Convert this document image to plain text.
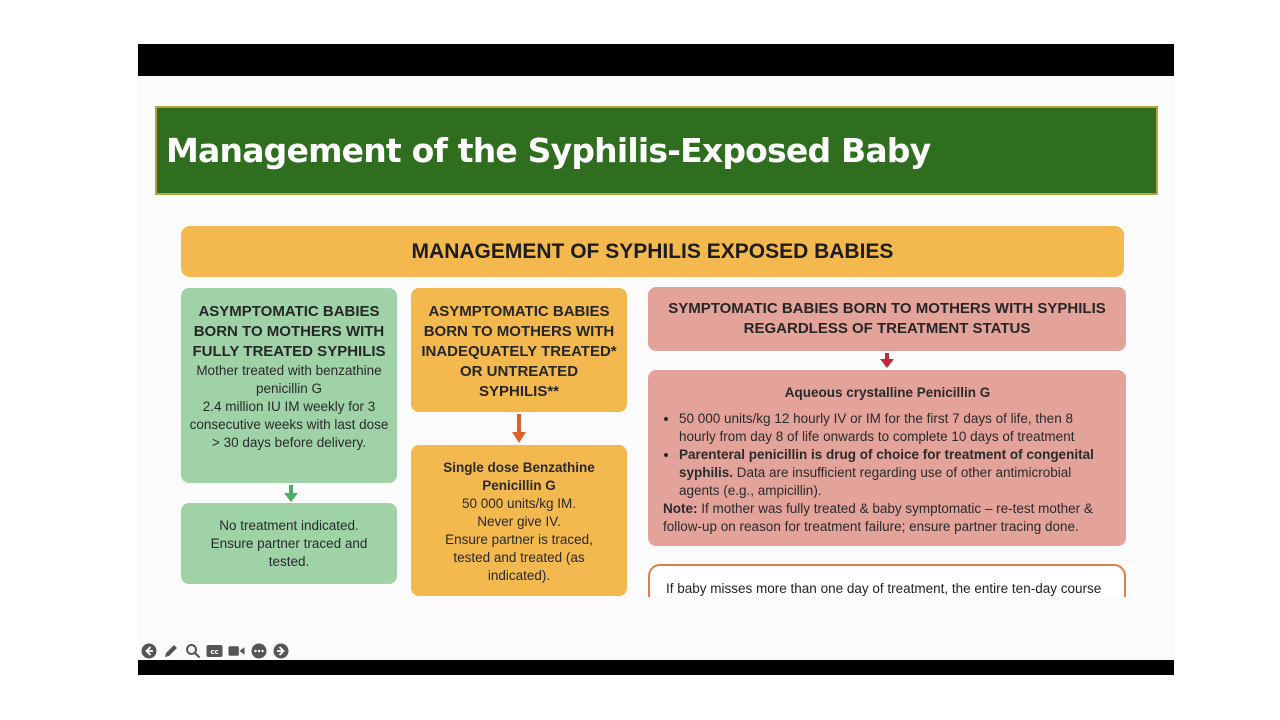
Management of the Syphilis-Exposed Baby
MANAGEMENT OF SYPHILIS EXPOSED BABIES
ASYMPTOMATIC BABIES BORN TO MOTHERS WITH FULLY TREATED SYPHILIS
Mother treated with benzathine penicillin G
2.4 million IU IM weekly for 3 consecutive weeks with last dose > 30 days before delivery.
No treatment indicated. Ensure partner traced and tested.
ASYMPTOMATIC BABIES BORN TO MOTHERS WITH INADEQUATELY TREATED* OR UNTREATED SYPHILIS**
Single dose Benzathine Penicillin G
50 000 units/kg IM.
Never give IV.
Ensure partner is traced, tested and treated (as indicated).
SYMPTOMATIC BABIES BORN TO MOTHERS WITH SYPHILIS REGARDLESS OF TREATMENT STATUS
Aqueous crystalline Penicillin G
• 50 000 units/kg 12 hourly IV or IM for the first 7 days of life, then 8 hourly from day 8 of life onwards to complete 10 days of treatment
• Parenteral penicillin is drug of choice for treatment of congenital syphilis. Data are insufficient regarding use of other antimicrobial agents (e.g., ampicillin).
Note: If mother was fully treated & baby symptomatic – re-test mother & follow-up on reason for treatment failure; ensure partner tracing done.
If baby misses more than one day of treatment, the entire ten-day course
cc
